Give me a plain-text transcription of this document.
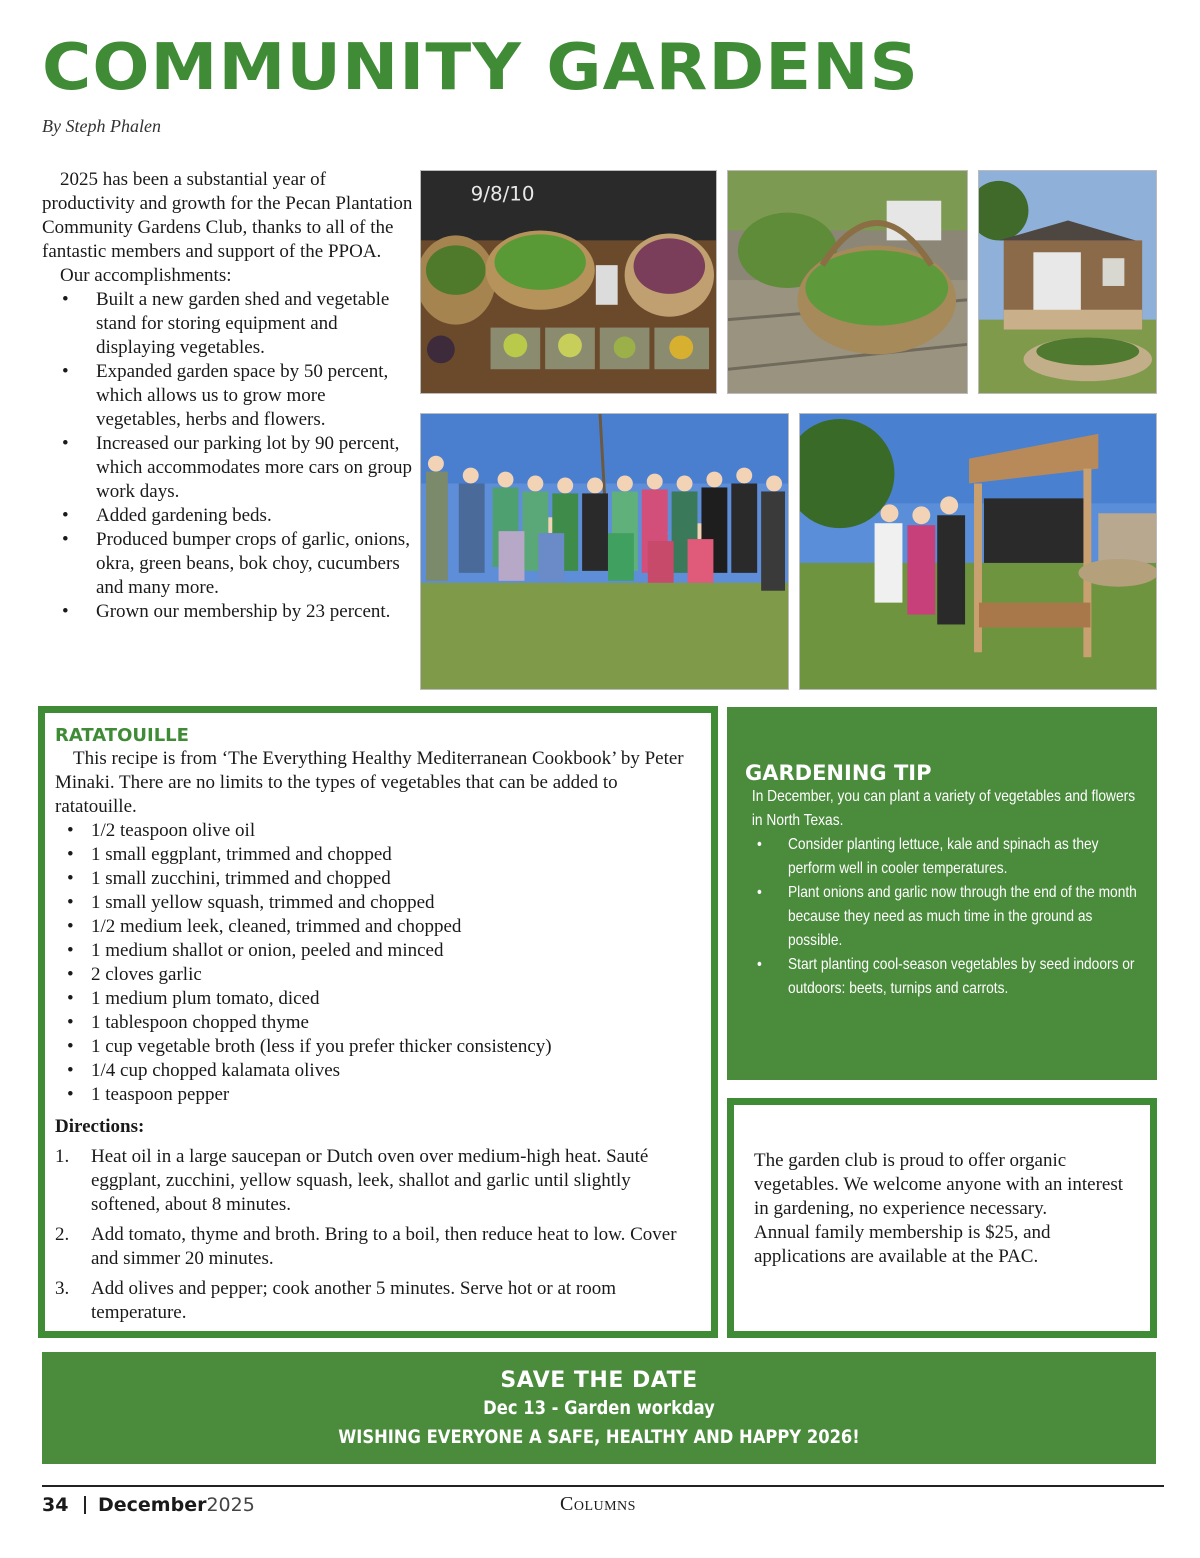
COMMUNITY GARDENS
By Steph Phalen

2025 has been a substantial year of productivity and growth for the Pecan Plantation Community Gardens Club, thanks to all of the fantastic members and support of the PPOA.

Our accomplishments:

• Built a new garden shed and vegetable stand for storing equipment and displaying vegetables.
• Expanded garden space by 50 percent, which allows us to grow more vegetables, herbs and flowers.
• Increased our parking lot by 90 percent, which accommodates more cars on group work days.
• Added gardening beds.
• Produced bumper crops of garlic, onions, okra, green beans, bok choy, cucumbers and many more.
• Grown our membership by 23 percent.
9/8/10
RATATOUILLE

This recipe is from ‘The Everything Healthy Mediterranean Cookbook’ by Peter Minaki. There are no limits to the types of vegetables that can be added to ratatouille.

• 1/2 teaspoon olive oil
• 1 small eggplant, trimmed and chopped
• 1 small zucchini, trimmed and chopped
• 1 small yellow squash, trimmed and chopped
• 1/2 medium leek, cleaned, trimmed and chopped
• 1 medium shallot or onion, peeled and minced
• 2 cloves garlic
• 1 medium plum tomato, diced
• 1 tablespoon chopped thyme
• 1 cup vegetable broth (less if you prefer thicker consistency)
• 1/4 cup chopped kalamata olives
• 1 teaspoon pepper

Directions:

1. Heat oil in a large saucepan or Dutch oven over medium-high heat. Sauté eggplant, zucchini, yellow squash, leek, shallot and garlic until slightly softened, about 8 minutes.
2. Add tomato, thyme and broth. Bring to a boil, then reduce heat to low. Cover and simmer 20 minutes.
3. Add olives and pepper; cook another 5 minutes. Serve hot or at room temperature.
GARDENING TIP

In December, you can plant a variety of vegetables and flowers in North Texas.

• Consider planting lettuce, kale and spinach as they perform well in cooler temperatures.
• Plant onions and garlic now through the end of the month because they need as much time in the ground as possible.
• Start planting cool-season vegetables by seed indoors or outdoors: beets, turnips and carrots.

The garden club is proud to offer organic vegetables. We welcome anyone with an interest in gardening, no experience necessary.

Annual family membership is $25, and applications are available at the PAC.

SAVE THE DATE
Dec 13 - Garden workday
WISHING EVERYONE A SAFE, HEALTHY AND HAPPY 2026!
34 December2025	Columns
